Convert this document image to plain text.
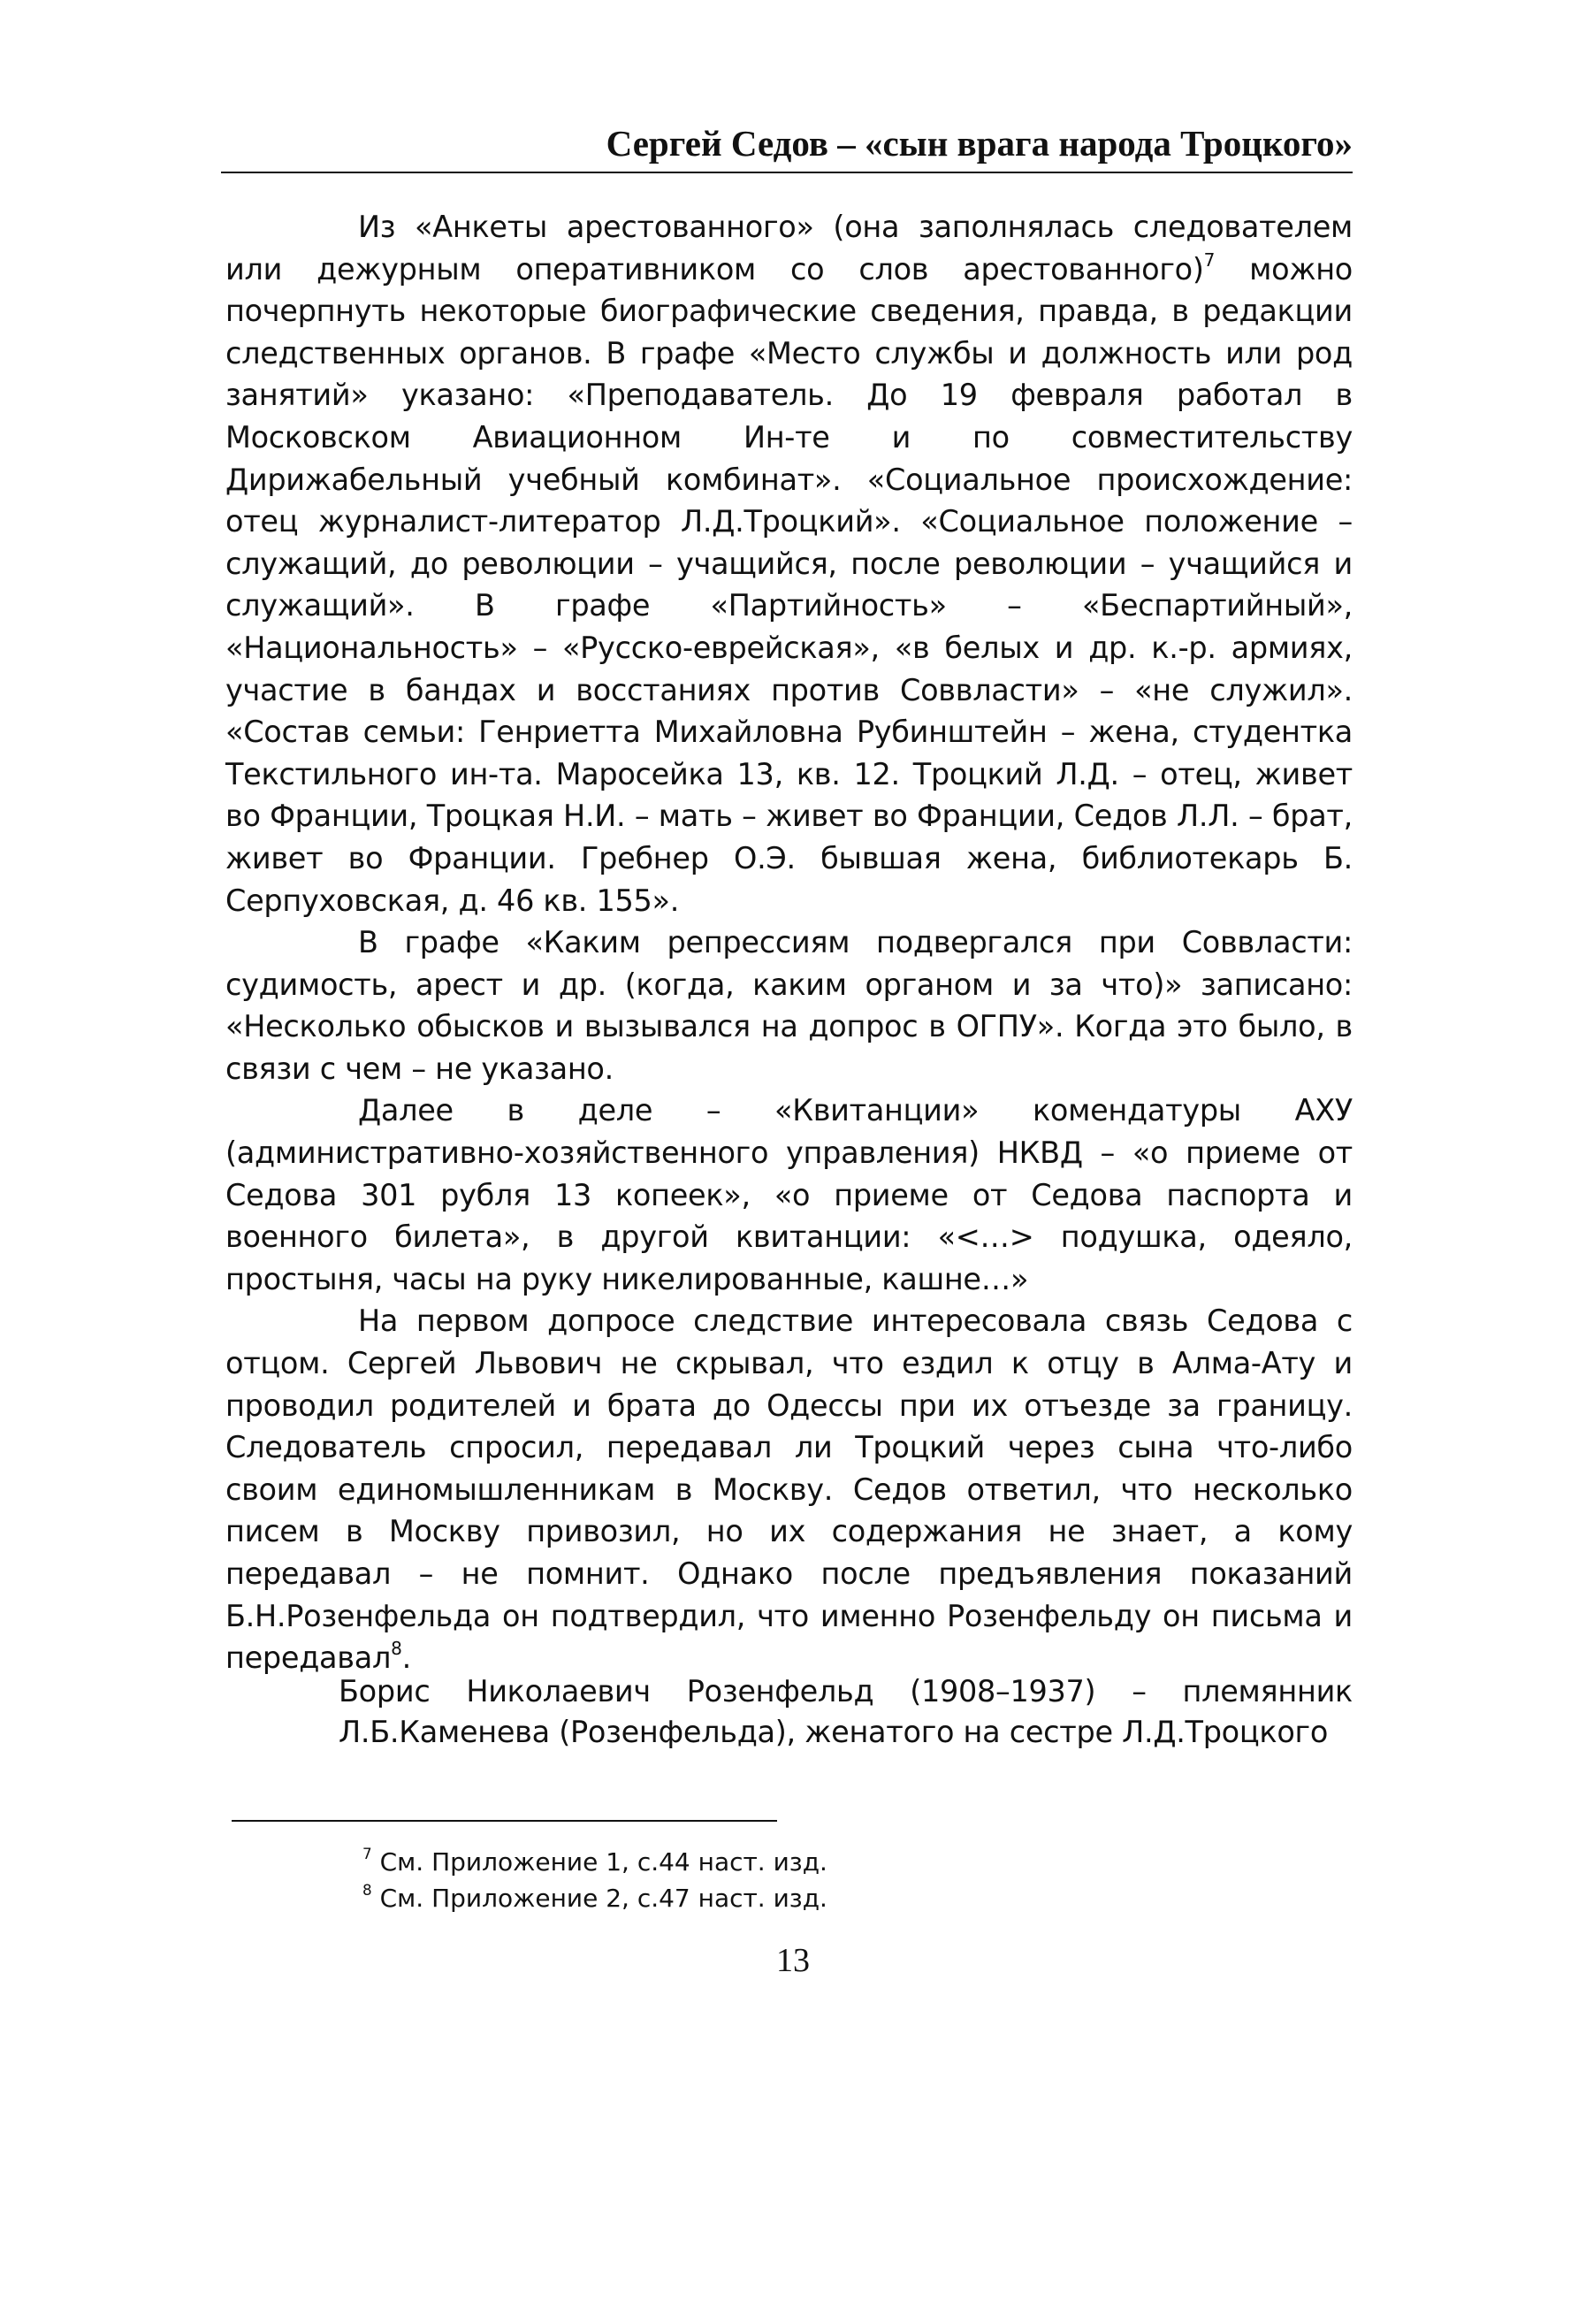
Сергей Седов – «сын врага народа Троцкого»

Из «Анкеты арестованного» (она заполнялась следователем или дежурным оперативником со слов арестованного)$^7$ можно почерпнуть некоторые биографические сведения, правда, в редакции следственных органов. В графе «Место службы и должность или род занятий» указано: «Преподаватель. До 19 февраля работал в Московском Авиационном Ин-те и по совместительству Дирижабельный учебный комбинат». «Социальное происхождение: отец журналист-литератор Л.Д.Троцкий». «Социальное положение – служащий, до революции – учащийся, после революции – учащийся и служащий». В графе «Партийность» – «Беспартийный», «Национальность» – «Русско-еврейская», «в белых и др. к.-р. армиях, участие в бандах и восстаниях против Соввласти» – «не служил». «Состав семьи: Генриетта Михайловна Рубинштейн – жена, студентка Текстильного ин-та. Маросейка 13, кв. 12. Троцкий Л.Д. – отец, живет во Франции, Троцкая Н.И. – мать – живет во Франции, Седов Л.Л. – брат, живет во Франции. Гребнер О.Э. бывшая жена, библиотекарь Б. Серпуховская, д. 46 кв. 155».

В графе «Каким репрессиям подвергался при Соввласти: судимость, арест и др. (когда, каким органом и за что)» записано: «Несколько обысков и вызывался на допрос в ОГПУ». Когда это было, в связи с чем – не указано.

Далее в деле – «Квитанции» комендатуры АХУ (административно-хозяйственного управления) НКВД – «о приеме от Седова 301 рубля 13 копеек», «о приеме от Седова паспорта и военного билета», в другой квитанции: «<…> подушка, одеяло, простыня, часы на руку никелированные, кашне…»

На первом допросе следствие интересовала связь Седова с отцом. Сергей Львович не скрывал, что ездил к отцу в Алма-Ату и проводил родителей и брата до Одессы при их отъезде за границу. Следователь спросил, передавал ли Троцкий через сына что-либо своим единомышленникам в Москву. Седов ответил, что несколько писем в Москву привозил, но их содержания не знает, а кому передавал – не помнит. Однако после предъявления показаний Б.Н.Розенфельда он подтвердил, что именно Розенфельду он письма и передавал$^8$.

Борис Николаевич Розенфельд (1908–1937) – племянник Л.Б.Каменева (Розенфельда), женатого на сестре Л.Д.Троцкого

$^7$ См. Приложение 1, с.44 наст. изд.
$^8$ См. Приложение 2, с.47 наст. изд.
13
